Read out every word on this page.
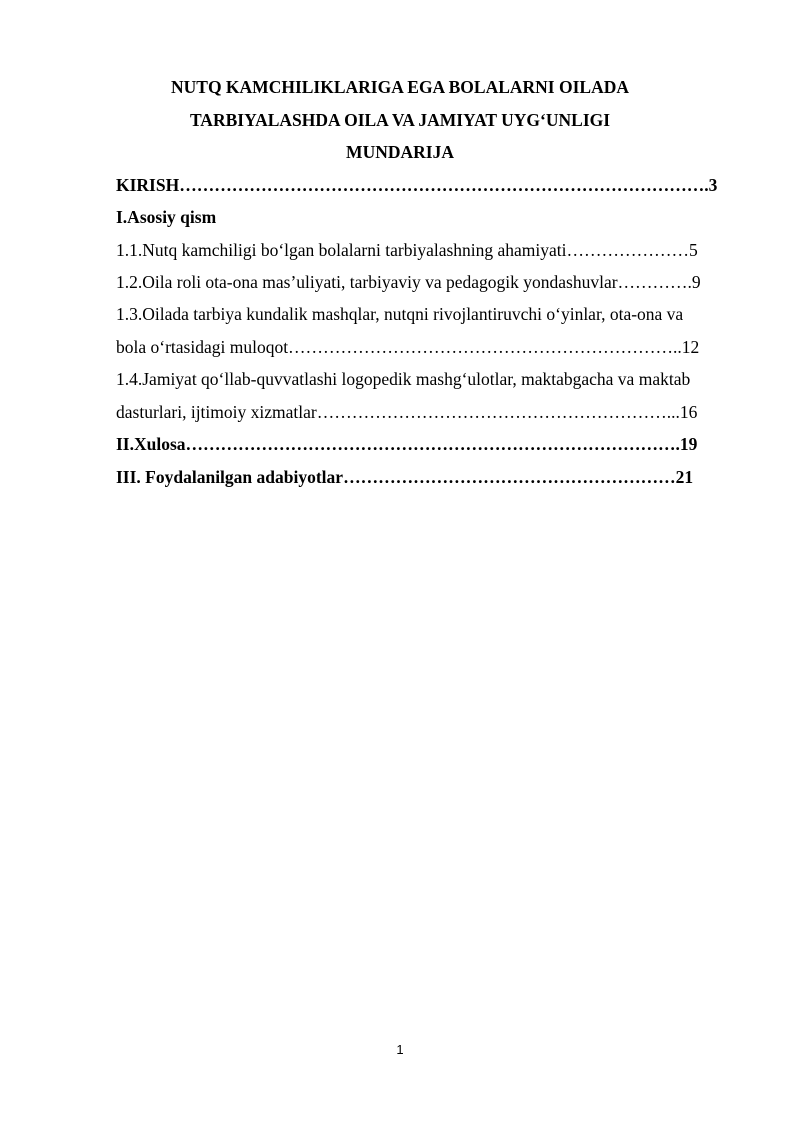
NUTQ KAMCHILIKLARIGA EGA BOLALARNI OILADA
TARBIYALASHDA OILA VA JAMIYAT UYG‘UNLIGI
MUNDARIJA
KIRISH……………………………………………………………………………….3
I.Asosiy qism
1.1.Nutq kamchiligi bo‘lgan bolalarni tarbiyalashning ahamiyati…………………5
1.2.Oila roli ota-ona mas’uliyati, tarbiyaviy va pedagogik yondashuvlar………….9
1.3.Oilada tarbiya kundalik mashqlar, nutqni rivojlantiruvchi o‘yinlar, ota-ona va
bola o‘rtasidagi muloqot…………………………………………………………..12
1.4.Jamiyat qo‘llab-quvvatlashi logopedik mashg‘ulotlar, maktabgacha va maktab
dasturlari, ijtimoiy xizmatlar……………………………………………………...16
II.Xulosa………………………………………………………………………….19
III. Foydalanilgan adabiyotlar…………………………………………………21
1
